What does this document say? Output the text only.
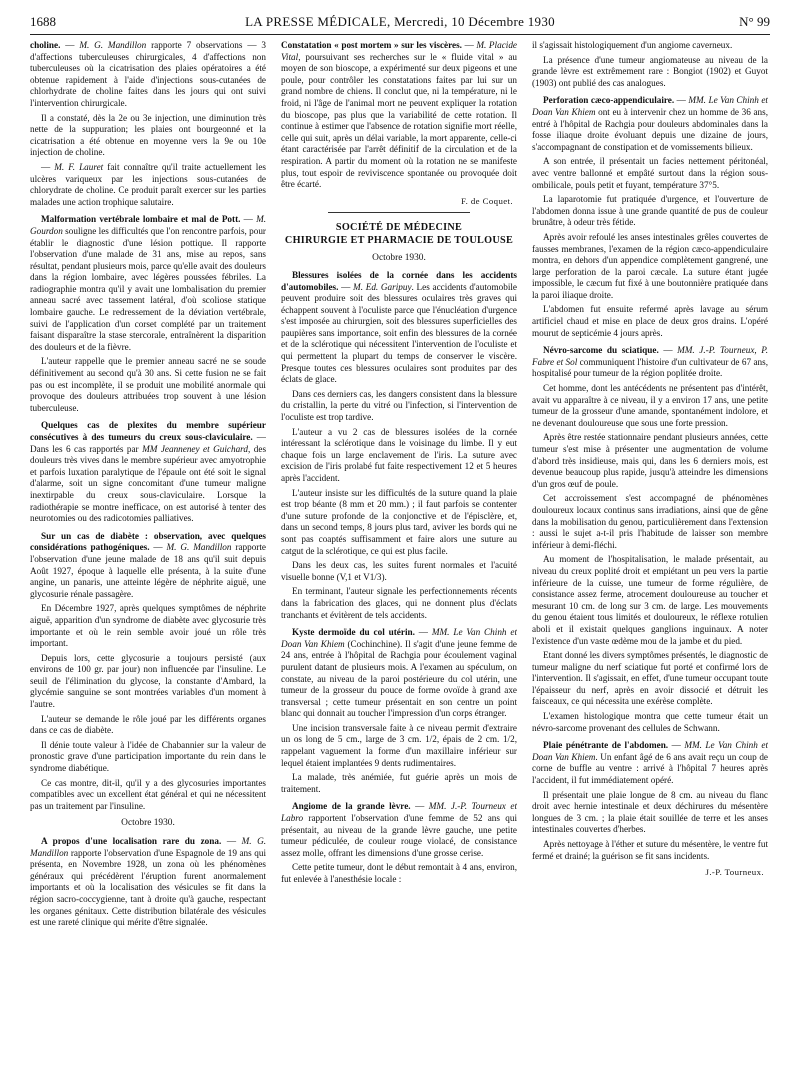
1688	LA PRESSE MÉDICALE, Mercredi, 10 Décembre 1930	N° 99

choline. — M. G. Mandillon rapporte 7 observations — 3 d'affections tuberculeuses chirurgicales, 4 d'affections non tuberculeuses où la cicatrisation des plaies opératoires a été obtenue rapidement à l'aide d'injections sous-cutanées de chlorhydrate de choline faites dans les jours qui ont suivi l'intervention chirurgicale.

Il a constaté, dès la 2e ou 3e injection, une diminution très nette de la suppuration; les plaies ont bourgeonné et la cicatrisation a été obtenue en moyenne vers la 9e ou 10e injection de choline.

— M. F. Lauret fait connaître qu'il traite actuellement les ulcères variqueux par les injections sous-cutanées de chlorydrate de choline. Ce produit paraît exercer sur les parties malades une action trophique salutaire.

Malformation vertébrale lombaire et mal de Pott. — M. Gourdon souligne les difficultés que l'on rencontre parfois, pour établir le diagnostic d'une lésion pottique. Il rapporte l'observation d'une malade de 31 ans, mise au repos, sans résultat, pendant plusieurs mois, parce qu'elle avait des douleurs dans la région lombaire, avec légères poussées fébriles. La radiographie montra qu'il y avait une lombalisation du premier anneau sacré avec tassement latéral, d'où scoliose statique lombaire gauche. Le redressement de la déviation vertébrale, suivi de l'application d'un corset complété par un traitement faisant disparaître la stase stercorale, entraînèrent la disparition des douleurs et de la fièvre.

L'auteur rappelle que le premier anneau sacré ne se soude définitivement au second qu'à 30 ans. Si cette fusion ne se fait pas ou est incomplète, il se produit une mobilité anormale qui provoque des douleurs attribuées trop souvent à une lésion tuberculeuse.

Quelques cas de plexites du membre supérieur consécutives à des tumeurs du creux sous-claviculaire. — Dans les 6 cas rapportés par MM Jeanneney et Guichard, des douleurs très vives dans le membre supérieur avec amyotrophie et parfois luxation paralytique de l'épaule ont été soit le signal d'alarme, soit un signe concomitant d'une tumeur maligne inextirpable du creux sous-claviculaire. Lorsque la radiothérapie se montre inefficace, on est autorisé à tenter des neurotomies ou des radicotomies palliatives.

Sur un cas de diabète : observation, avec quelques considérations pathogéniques. — M. G. Mandillon rapporte l'observation d'une jeune malade de 18 ans qu'il suit depuis Août 1927, époque à laquelle elle présenta, à la suite d'une angine, un panaris, une atteinte légère de néphrite aiguë, une glycosurie rénale passagère.

En Décembre 1927, après quelques symptômes de néphrite aiguë, apparition d'un syndrome de diabète avec glycosurie très importante et où le rein semble avoir joué un rôle très important.

Depuis lors, cette glycosurie a toujours persisté (aux environs de 100 gr. par jour) non influencée par l'insuline. Le seuil de l'élimination du glycose, la constante d'Ambard, la glycémie sanguine se sont montrées variables d'un moment à l'autre.

L'auteur se demande le rôle joué par les différents organes dans ce cas de diabète.

Il dénie toute valeur à l'idée de Chabannier sur la valeur de pronostic grave d'une participation importante du rein dans le syndrome diabétique.

Ce cas montre, dit-il, qu'il y a des glycosuries importantes compatibles avec un excellent état général et qui ne nécessitent pas un traitement par l'insuline.

Octobre 1930.

A propos d'une localisation rare du zona. — M. G. Mandillon rapporte l'observation d'une Espagnole de 19 ans qui présenta, en Novembre 1928, un zona où les phénomènes généraux qui précédèrent l'éruption furent anormalement importants et où la localisation des vésicules se fit dans la région sacro-coccygienne, tant à droite qu'à gauche, respectant les organes génitaux. Cette distribution bilatérale des vésicules est une rareté clinique qui mérite d'être signalée.

Constatation « post mortem » sur les viscères. — M. Placide Vital, poursuivant ses recherches sur le « fluide vital » au moyen de son bioscope, a expérimenté sur deux pigeons et une poule, pour contrôler les constatations faites par lui sur un grand nombre de chiens. Il conclut que, ni la température, ni le froid, ni l'âge de l'animal mort ne peuvent expliquer la rotation du bioscope, pas plus que la variabilité de cette rotation. Il continue à estimer que l'absence de rotation signifie mort réelle, celle qui suit, après un délai variable, la mort apparente, celle-ci étant caractérisée par l'arrêt définitif de la circulation et de la respiration. A partir du moment où la rotation ne se manifeste plus, tout espoir de reviviscence spontanée ou provoquée doit être écarté.

F. de Coquet.
SOCIÉTÉ DE MÉDECINE
CHIRURGIE ET PHARMACIE DE TOULOUSE
Octobre 1930.

Blessures isolées de la cornée dans les accidents d'automobiles. — M. Ed. Garipuy. Les accidents d'automobile peuvent produire soit des blessures oculaires très graves qui échappent souvent à l'oculiste parce que l'énucléation d'urgence s'est imposée au chirurgien, soit des blessures superficielles des paupières sans importance, soit enfin des blessures de la cornée et de la sclérotique qui nécessitent l'intervention de l'oculiste et qui permettent la plupart du temps de conserver le viscère. Presque toutes ces blessures oculaires sont produites par des éclats de glace.

Dans ces derniers cas, les dangers consistent dans la blessure du cristallin, la perte du vitré ou l'infection, si l'intervention de l'oculiste est trop tardive.

L'auteur a vu 2 cas de blessures isolées de la cornée intéressant la sclérotique dans le voisinage du limbe. Il y eut chaque fois un large enclavement de l'iris. La suture avec excision de l'iris prolabé fut faite respectivement 12 et 5 heures après l'accident.

L'auteur insiste sur les difficultés de la suture quand la plaie est trop béante (8 mm et 20 mm.) ; il faut parfois se contenter d'une suture profonde de la conjonctive et de l'épisclère, et, dans un second temps, 8 jours plus tard, aviver les bords qui ne sont pas coaptés suffisamment et faire alors une suture au catgut de la sclérotique, ce qui est plus facile.

Dans les deux cas, les suites furent normales et l'acuité visuelle bonne (V,1 et V1/3).

En terminant, l'auteur signale les perfectionnements récents dans la fabrication des glaces, qui ne donnent plus d'éclats tranchants et évitèrent de tels accidents.

Kyste dermoïde du col utérin. — MM. Le Van Chinh et Doan Van Khiem (Cochinchine). Il s'agit d'une jeune femme de 24 ans, entrée à l'hôpital de Rachgia pour écoulement vaginal purulent datant de plusieurs mois. A l'examen au spéculum, on constate, au niveau de la paroi postérieure du col utérin, une tumeur de la grosseur du pouce de forme ovoïde à grand axe transversal ; cette tumeur présentait en son centre un point blanc qui donnait au toucher l'impression d'un corps étranger.

Une incision transversale faite à ce niveau permit d'extraire un os long de 5 cm., large de 3 cm. 1/2, épais de 2 cm. 1/2, rappelant vaguement la forme d'un maxillaire inférieur sur lequel étaient implantées 9 dents rudimentaires.

La malade, très anémiée, fut guérie après un mois de traitement.

Angiome de la grande lèvre. — MM. J.-P. Tourneux et Labro rapportent l'observation d'une femme de 52 ans qui présentait, au niveau de la grande lèvre gauche, une petite tumeur pédiculée, de couleur rouge violacé, de consistance assez molle, offrant les dimensions d'une grosse cerise.

Cette petite tumeur, dont le début remontait à 4 ans, environ, fut enlevée à l'anesthésie locale :

il s'agissait histologiquement d'un angiome caverneux.

La présence d'une tumeur angiomateuse au niveau de la grande lèvre est extrêmement rare : Bongiot (1902) et Guyot (1903) ont publié des cas analogues.

Perforation cæco-appendiculaire. — MM. Le Van Chinh et Doan Van Khiem ont eu à intervenir chez un homme de 36 ans, entré à l'hôpital de Rachgia pour douleurs abdominales dans la fosse iliaque droite évoluant depuis une dizaine de jours, s'accompagnant de constipation et de vomissements bilieux.

A son entrée, il présentait un facies nettement péritonéal, avec ventre ballonné et empâté surtout dans la région sous-ombilicale, pouls petit et fuyant, température 37°5.

La laparotomie fut pratiquée d'urgence, et l'ouverture de l'abdomen donna issue à une grande quantité de pus de couleur brunâtre, à odeur très fétide.

Après avoir refoulé les anses intestinales grêles couvertes de fausses membranes, l'examen de la région cæco-appendiculaire montra, en dehors d'un appendice complètement gangrené, une large perforation de la paroi cæcale. La suture étant jugée impossible, le cæcum fut fixé à une boutonnière pratiquée dans la paroi iliaque droite.

L'abdomen fut ensuite refermé après lavage au sérum artificiel chaud et mise en place de deux gros drains. L'opéré mourut de septicémie 4 jours après.

Névro-sarcome du sciatique. — MM. J.-P. Tourneux, P. Fabre et Sol communiquent l'histoire d'un cultivateur de 67 ans, hospitalisé pour tumeur de la région poplitée droite.

Cet homme, dont les antécédents ne présentent pas d'intérêt, avait vu apparaître à ce niveau, il y a environ 17 ans, une petite tumeur de la grosseur d'une amande, spontanément indolore, et ne devenant douloureuse que sous une forte pression.

Après être restée stationnaire pendant plusieurs années, cette tumeur s'est mise à présenter une augmentation de volume d'abord très insidieuse, mais qui, dans les 6 derniers mois, est devenue beaucoup plus rapide, jusqu'à atteindre les dimensions d'un gros œuf de poule.

Cet accroissement s'est accompagné de phénomènes douloureux locaux continus sans irradiations, ainsi que de gêne dans la mobilisation du genou, particulièrement dans l'extension : aussi le sujet a-t-il pris l'habitude de laisser son membre inférieur à demi-fléchi.

Au moment de l'hospitalisation, le malade présentait, au niveau du creux poplité droit et empiétant un peu vers la partie inférieure de la cuisse, une tumeur de forme régulière, de consistance assez ferme, atrocement douloureuse au toucher et mesurant 10 cm. de long sur 3 cm. de large. Les mouvements du genou étaient tous limités et douloureux, le réflexe rotulien aboli et il existait quelques ganglions inguinaux. A noter l'existence d'un vaste œdème mou de la jambe et du pied.

Etant donné les divers symptômes présentés, le diagnostic de tumeur maligne du nerf sciatique fut porté et confirmé lors de l'intervention. Il s'agissait, en effet, d'une tumeur occupant toute l'épaisseur du nerf, après en avoir dissocié et détruit les faisceaux, ce qui nécessita une exérèse complète.

L'examen histologique montra que cette tumeur était un névro-sarcome provenant des cellules de Schwann.

Plaie pénétrante de l'abdomen. — MM. Le Van Chinh et Doan Van Khiem. Un enfant âgé de 6 ans avait reçu un coup de corne de buffle au ventre : arrivé à l'hôpital 7 heures après l'accident, il fut immédiatement opéré.

Il présentait une plaie longue de 8 cm. au niveau du flanc droit avec hernie intestinale et deux déchirures du mésentère longues de 3 cm. ; la plaie était souillée de terre et les anses intestinales couvertes d'herbes.

Après nettoyage à l'éther et suture du mésentère, le ventre fut fermé et drainé; la guérison se fit sans incidents.

J.-P. Tourneux.
